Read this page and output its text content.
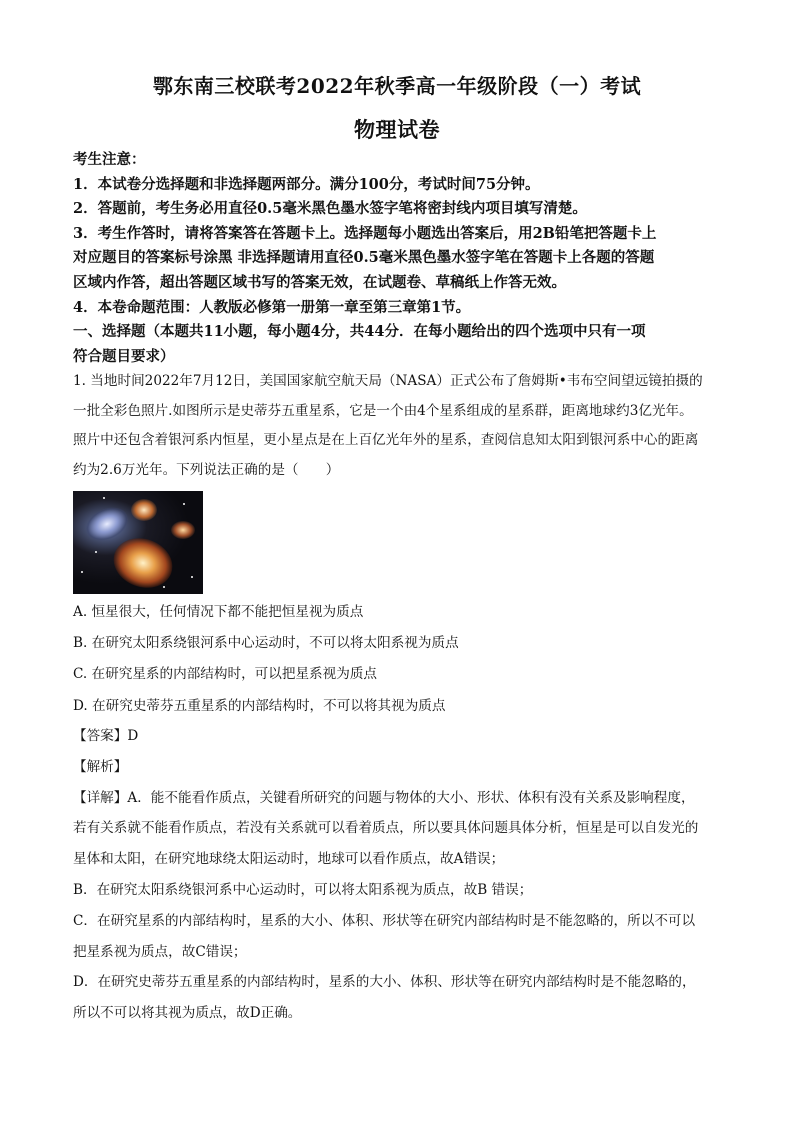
鄂东南三校联考2022年秋季高一年级阶段（一）考试
物理试卷
考生注意：
1．本试卷分选择题和非选择题两部分。满分100分，考试时间75分钟。
2．答题前，考生务必用直径0.5毫米黑色墨水签字笔将密封线内项目填写清楚。
3．考生作答时，请将答案答在答题卡上。选择题每小题选出答案后，用2B铅笔把答题卡上
对应题目的答案标号涂黑 非选择题请用直径0.5毫米黑色墨水签字笔在答题卡上各题的答题
区域内作答，超出答题区域书写的答案无效，在试题卷、草稿纸上作答无效。
4．本卷命题范围：人教版必修第一册第一章至第三章第1节。
一、选择题（本题共11小题，每小题4分，共44分．在每小题给出的四个选项中只有一项
符合题目要求）
1. 当地时间2022年7月12日，美国国家航空航天局（NASA）正式公布了詹姆斯•韦布空间望远镜拍摄的
一批全彩色照片.如图所示是史蒂芬五重星系，它是一个由4个星系组成的星系群，距离地球约3亿光年。
照片中还包含着银河系内恒星，更小星点是在上百亿光年外的星系，查阅信息知太阳到银河系中心的距离
约为2.6万光年。下列说法正确的是（　　）
A. 恒星很大，任何情况下都不能把恒星视为质点
B. 在研究太阳系绕银河系中心运动时，不可以将太阳系视为质点
C. 在研究星系的内部结构时，可以把星系视为质点
D. 在研究史蒂芬五重星系的内部结构时，不可以将其视为质点
【答案】D
【解析】
【详解】A．能不能看作质点，关键看所研究的问题与物体的大小、形状、体积有没有关系及影响程度，
若有关系就不能看作质点，若没有关系就可以看着质点，所以要具体问题具体分析，恒星是可以自发光的
星体和太阳，在研究地球绕太阳运动时，地球可以看作质点，故A错误；
B．在研究太阳系绕银河系中心运动时，可以将太阳系视为质点，故B 错误；
C．在研究星系的内部结构时，星系的大小、体积、形状等在研究内部结构时是不能忽略的，所以不可以
把星系视为质点，故C错误；
D．在研究史蒂芬五重星系的内部结构时，星系的大小、体积、形状等在研究内部结构时是不能忽略的，
所以不可以将其视为质点，故D正确。
